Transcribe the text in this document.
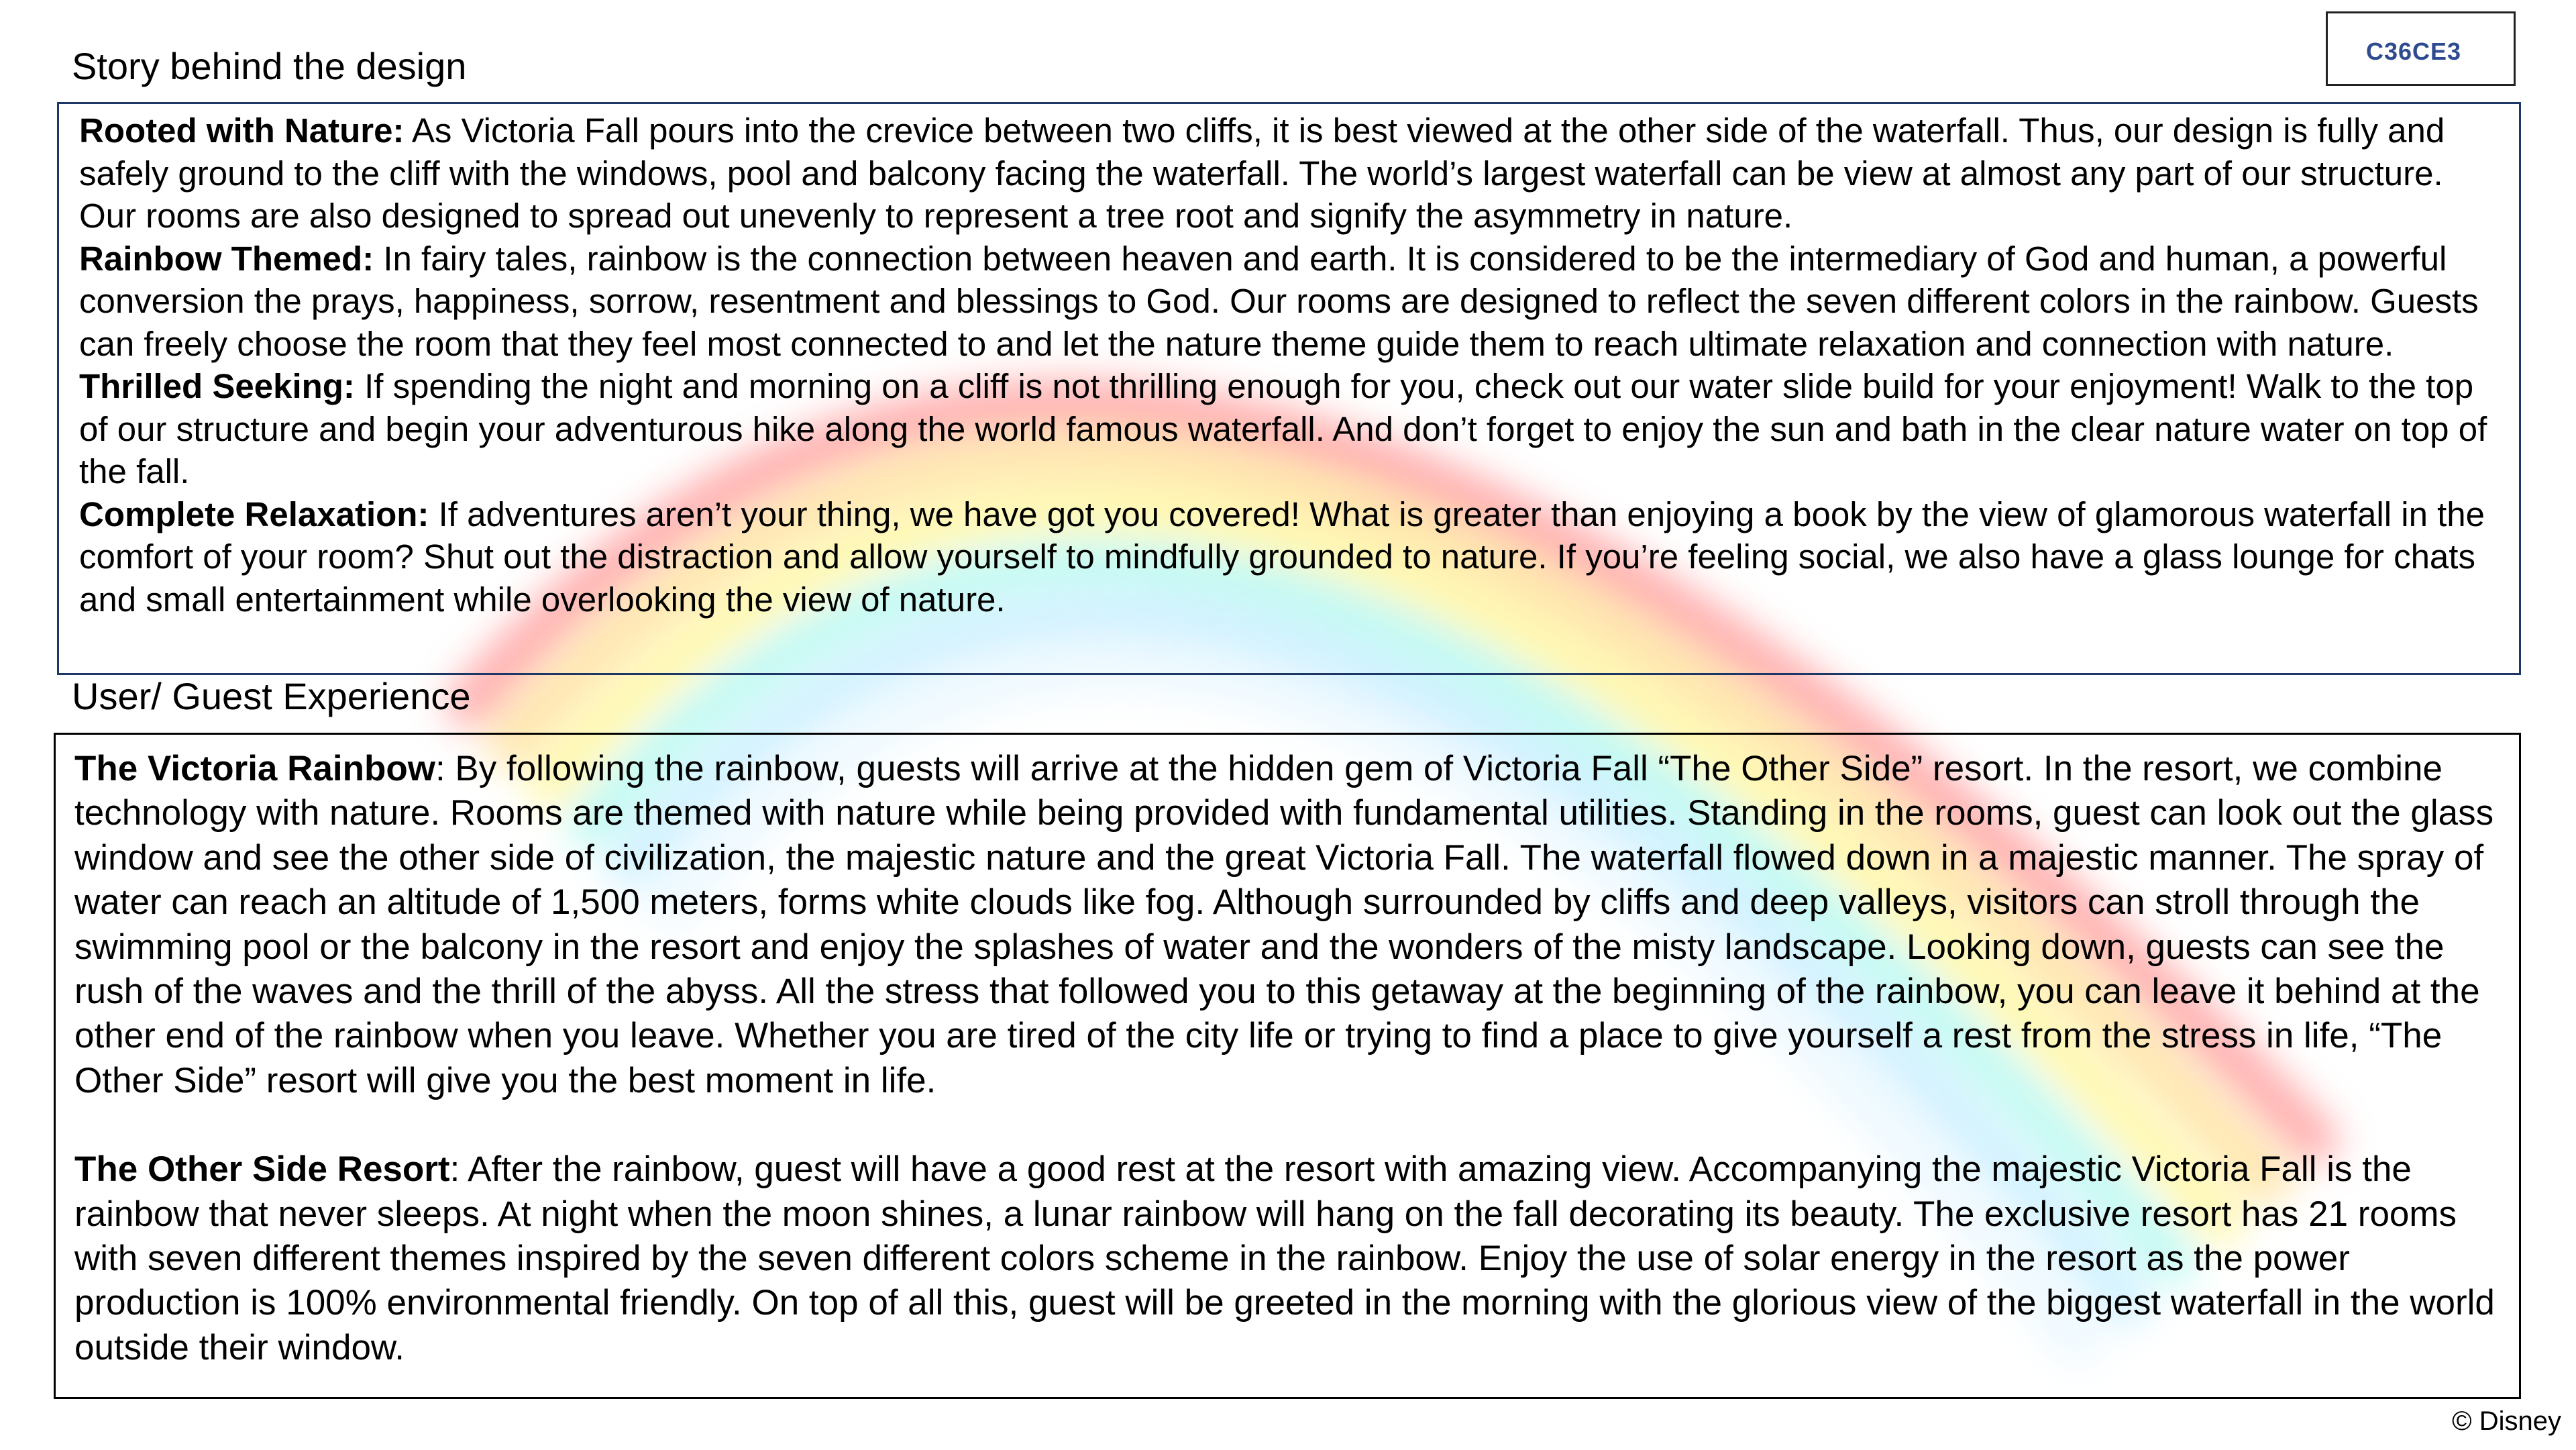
Story behind the design

Rooted with Nature: As Victoria Fall pours into the crevice between two cliffs, it is best viewed at the other side of the waterfall. Thus, our design is fully and safely ground to the cliff with the windows, pool and balcony facing the waterfall. The world’s largest waterfall can be view at almost any part of our structure. Our rooms are also designed to spread out unevenly to represent a tree root and signify the asymmetry in nature.

Rainbow Themed: In fairy tales, rainbow is the connection between heaven and earth. It is considered to be the intermediary of God and human, a powerful conversion the prays, happiness, sorrow, resentment and blessings to God. Our rooms are designed to reflect the seven different colors in the rainbow. Guests can freely choose the room that they feel most connected to and let the nature theme guide them to reach ultimate relaxation and connection with nature.

Thrilled Seeking: If spending the night and morning on a cliff is not thrilling enough for you, check out our water slide build for your enjoyment! Walk to the top of our structure and begin your adventurous hike along the world famous waterfall. And don’t forget to enjoy the sun and bath in the clear nature water on top of the fall.

Complete Relaxation: If adventures aren’t your thing, we have got you covered! What is greater than enjoying a book by the view of glamorous waterfall in the comfort of your room? Shut out the distraction and allow yourself to mindfully grounded to nature. If you’re feeling social, we also have a glass lounge for chats and small entertainment while overlooking the view of nature.

User/ Guest Experience

The Victoria Rainbow: By following the rainbow, guests will arrive at the hidden gem of Victoria Fall “The Other Side” resort. In the resort, we combine technology with nature. Rooms are themed with nature while being provided with fundamental utilities. Standing in the rooms, guest can look out the glass window and see the other side of civilization, the majestic nature and the great Victoria Fall. The waterfall flowed down in a majestic manner. The spray of water can reach an altitude of 1,500 meters, forms white clouds like fog. Although surrounded by cliffs and deep valleys, visitors can stroll through the swimming pool or the balcony in the resort and enjoy the splashes of water and the wonders of the misty landscape. Looking down, guests can see the rush of the waves and the thrill of the abyss. All the stress that followed you to this getaway at the beginning of the rainbow, you can leave it behind at the other end of the rainbow when you leave. Whether you are tired of the city life or trying to find a place to give yourself a rest from the stress in life, “The Other Side” resort will give you the best moment in life.

The Other Side Resort: After the rainbow, guest will have a good rest at the resort with amazing view. Accompanying the majestic Victoria Fall is the rainbow that never sleeps. At night when the moon shines, a lunar rainbow will hang on the fall decorating its beauty. The exclusive resort has 21 rooms with seven different themes inspired by the seven different colors scheme in the rainbow. Enjoy the use of solar energy in the resort as the power production is 100% environmental friendly. On top of all this, guest will be greeted in the morning with the glorious view of the biggest waterfall in the world outside their window.

C36CE3
© Disney
